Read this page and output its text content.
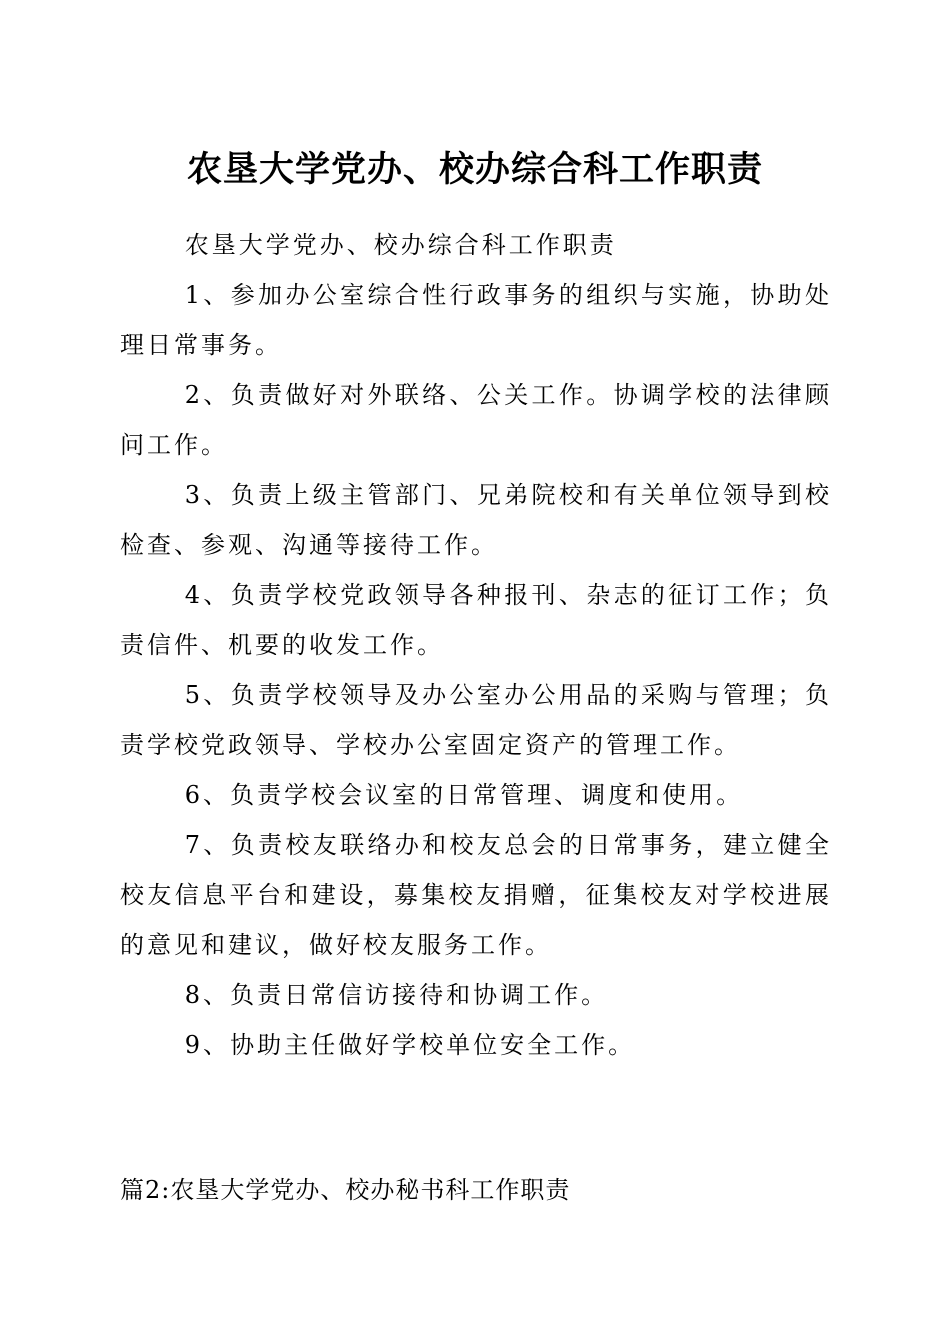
农垦大学党办、校办综合科工作职责

农垦大学党办、校办综合科工作职责

1、参加办公室综合性行政事务的组织与实施，协助处理日常事务。

2、负责做好对外联络、公关工作。协调学校的法律顾问工作。

3、负责上级主管部门、兄弟院校和有关单位领导到校检查、参观、沟通等接待工作。

4、负责学校党政领导各种报刊、杂志的征订工作；负责信件、机要的收发工作。

5、负责学校领导及办公室办公用品的采购与管理；负责学校党政领导、学校办公室固定资产的管理工作。

6、负责学校会议室的日常管理、调度和使用。

7、负责校友联络办和校友总会的日常事务，建立健全校友信息平台和建设，募集校友捐赠，征集校友对学校进展的意见和建议，做好校友服务工作。

8、负责日常信访接待和协调工作。

9、协助主任做好学校单位安全工作。

篇2:农垦大学党办、校办秘书科工作职责
